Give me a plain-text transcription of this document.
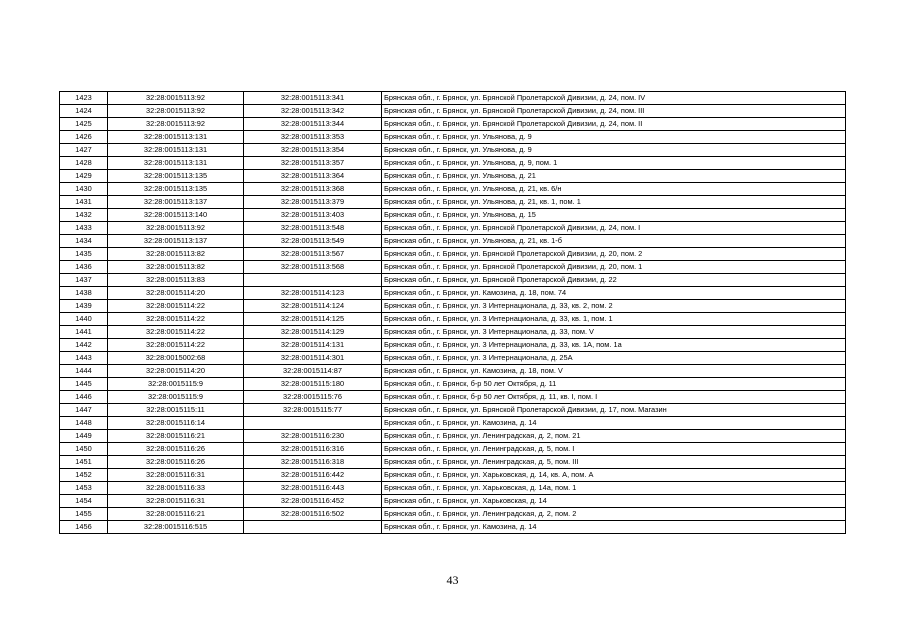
1423	32:28:0015113:92	32:28:0015113:341	Брянская обл., г. Брянск, ул. Брянской Пролетарской Дивизии, д. 24, пом. IV
1424	32:28:0015113:92	32:28:0015113:342	Брянская обл., г. Брянск, ул. Брянской Пролетарской Дивизии, д. 24, пом. III
1425	32:28:0015113:92	32:28:0015113:344	Брянская обл., г. Брянск, ул. Брянской Пролетарской Дивизии, д. 24, пом. II
1426	32:28:0015113:131	32:28:0015113:353	Брянская обл., г. Брянск, ул. Ульянова, д. 9
1427	32:28:0015113:131	32:28:0015113:354	Брянская обл., г. Брянск, ул. Ульянова, д. 9
1428	32:28:0015113:131	32:28:0015113:357	Брянская обл., г. Брянск, ул. Ульянова, д. 9, пом. 1
1429	32:28:0015113:135	32:28:0015113:364	Брянская обл., г. Брянск, ул. Ульянова, д. 21
1430	32:28:0015113:135	32:28:0015113:368	Брянская обл., г. Брянск, ул. Ульянова, д. 21, кв. 6/н
1431	32:28:0015113:137	32:28:0015113:379	Брянская обл., г. Брянск, ул. Ульянова, д. 21, кв. 1, пом. 1
1432	32:28:0015113:140	32:28:0015113:403	Брянская обл., г. Брянск, ул. Ульянова, д. 15
1433	32:28:0015113:92	32:28:0015113:548	Брянская обл., г. Брянск, ул. Брянской Пролетарской Дивизии, д. 24, пом. I
1434	32:28:0015113:137	32:28:0015113:549	Брянская обл., г. Брянск, ул. Ульянова, д. 21, кв. 1-б
1435	32:28:0015113:82	32:28:0015113:567	Брянская обл., г. Брянск, ул. Брянской Пролетарской Дивизии, д. 20, пом. 2
1436	32:28:0015113:82	32:28:0015113:568	Брянская обл., г. Брянск, ул. Брянской Пролетарской Дивизии, д. 20, пом. 1
1437	32:28:0015113:83		Брянская обл., г. Брянск, ул. Брянской Пролетарской Дивизии, д. 22
1438	32:28:0015114:20	32:28:0015114:123	Брянская обл., г. Брянск, ул. Камозина, д. 18, пом. 74
1439	32:28:0015114:22	32:28:0015114:124	Брянская обл., г. Брянск, ул. 3 Интернационала, д. 33, кв. 2, пом. 2
1440	32:28:0015114:22	32:28:0015114:125	Брянская обл., г. Брянск, ул. 3 Интернационала, д. 33, кв. 1, пом. 1
1441	32:28:0015114:22	32:28:0015114:129	Брянская обл., г. Брянск, ул. 3 Интернационала, д. 33, пом. V
1442	32:28:0015114:22	32:28:0015114:131	Брянская обл., г. Брянск, ул. 3 Интернационала, д. 33, кв. 1А, пом. 1а
1443	32:28:0015002:68	32:28:0015114:301	Брянская обл., г. Брянск, ул. 3 Интернационала, д. 25А
1444	32:28:0015114:20	32:28:0015114:87	Брянская обл., г. Брянск, ул. Камозина, д. 18, пом. V
1445	32:28:0015115:9	32:28:0015115:180	Брянская обл., г. Брянск, б-р 50 лет Октября, д. 11
1446	32:28:0015115:9	32:28:0015115:76	Брянская обл., г. Брянск, б-р 50 лет Октября, д. 11, кв. I, пом. I
1447	32:28:0015115:11	32:28:0015115:77	Брянская обл., г. Брянск, ул. Брянской Пролетарской Дивизии, д. 17, пом. Магазин
1448	32:28:0015116:14		Брянская обл., г. Брянск, ул. Камозина, д. 14
1449	32:28:0015116:21	32:28:0015116:230	Брянская обл., г. Брянск, ул. Ленинградская, д. 2, пом. 21
1450	32:28:0015116:26	32:28:0015116:316	Брянская обл., г. Брянск, ул. Ленинградская, д. 5, пом. I
1451	32:28:0015116:26	32:28:0015116:318	Брянская обл., г. Брянск, ул. Ленинградская, д. 5, пом. III
1452	32:28:0015116:31	32:28:0015116:442	Брянская обл., г. Брянск, ул. Харьковская, д. 14, кв. А, пом. А
1453	32:28:0015116:33	32:28:0015116:443	Брянская обл., г. Брянск, ул. Харьковская, д. 14а, пом. 1
1454	32:28:0015116:31	32:28:0015116:452	Брянская обл., г. Брянск, ул. Харьковская, д. 14
1455	32:28:0015116:21	32:28:0015116:502	Брянская обл., г. Брянск, ул. Ленинградская, д. 2, пом. 2
1456	32:28:0015116:515		Брянская обл., г. Брянск, ул. Камозина, д. 14
43
